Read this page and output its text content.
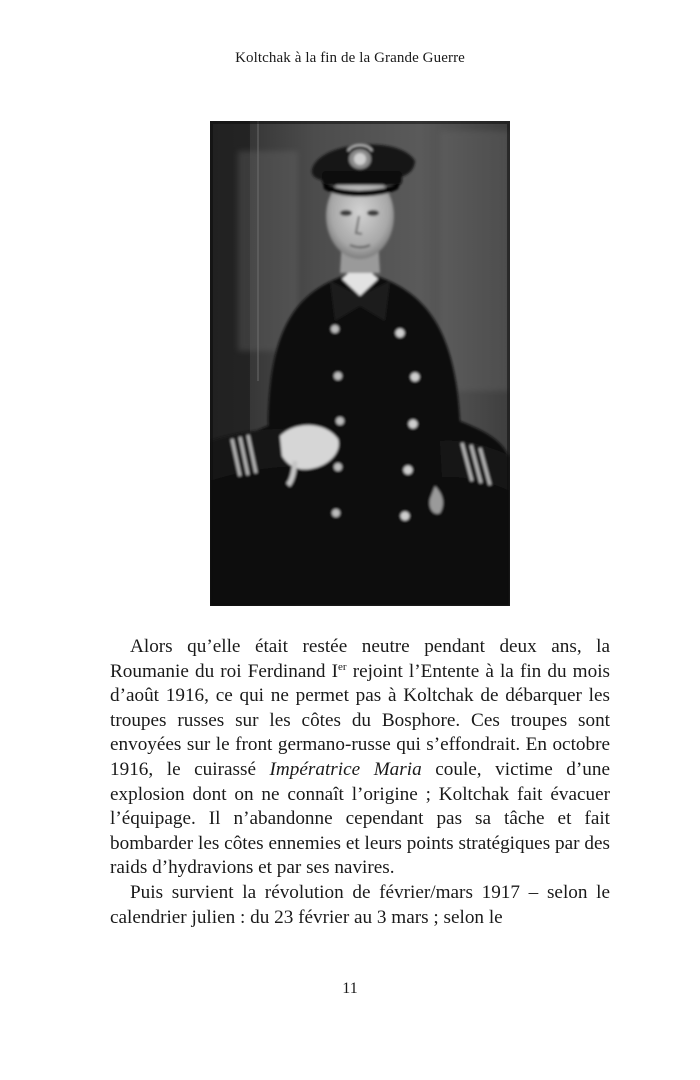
Koltchak à la fin de la Grande Guerre

Alors qu’elle était restée neutre pendant deux ans, la Roumanie du roi Ferdinand Ier rejoint l’Entente à la fin du mois d’août 1916, ce qui ne permet pas à Koltchak de débarquer les troupes russes sur les côtes du Bosphore. Ces troupes sont envoyées sur le front germano-russe qui s’effondrait. En octobre 1916, le cuirassé Impératrice Maria coule, victime d’une explosion dont on ne connaît l’origine ; Koltchak fait évacuer l’équipage. Il n’abandonne cependant pas sa tâche et fait bombarder les côtes ennemies et leurs points stratégiques par des raids d’hydravions et par ses navires.

Puis survient la révolution de février/mars 1917 – selon le calendrier julien : du 23 février au 3 mars ; selon le

11
